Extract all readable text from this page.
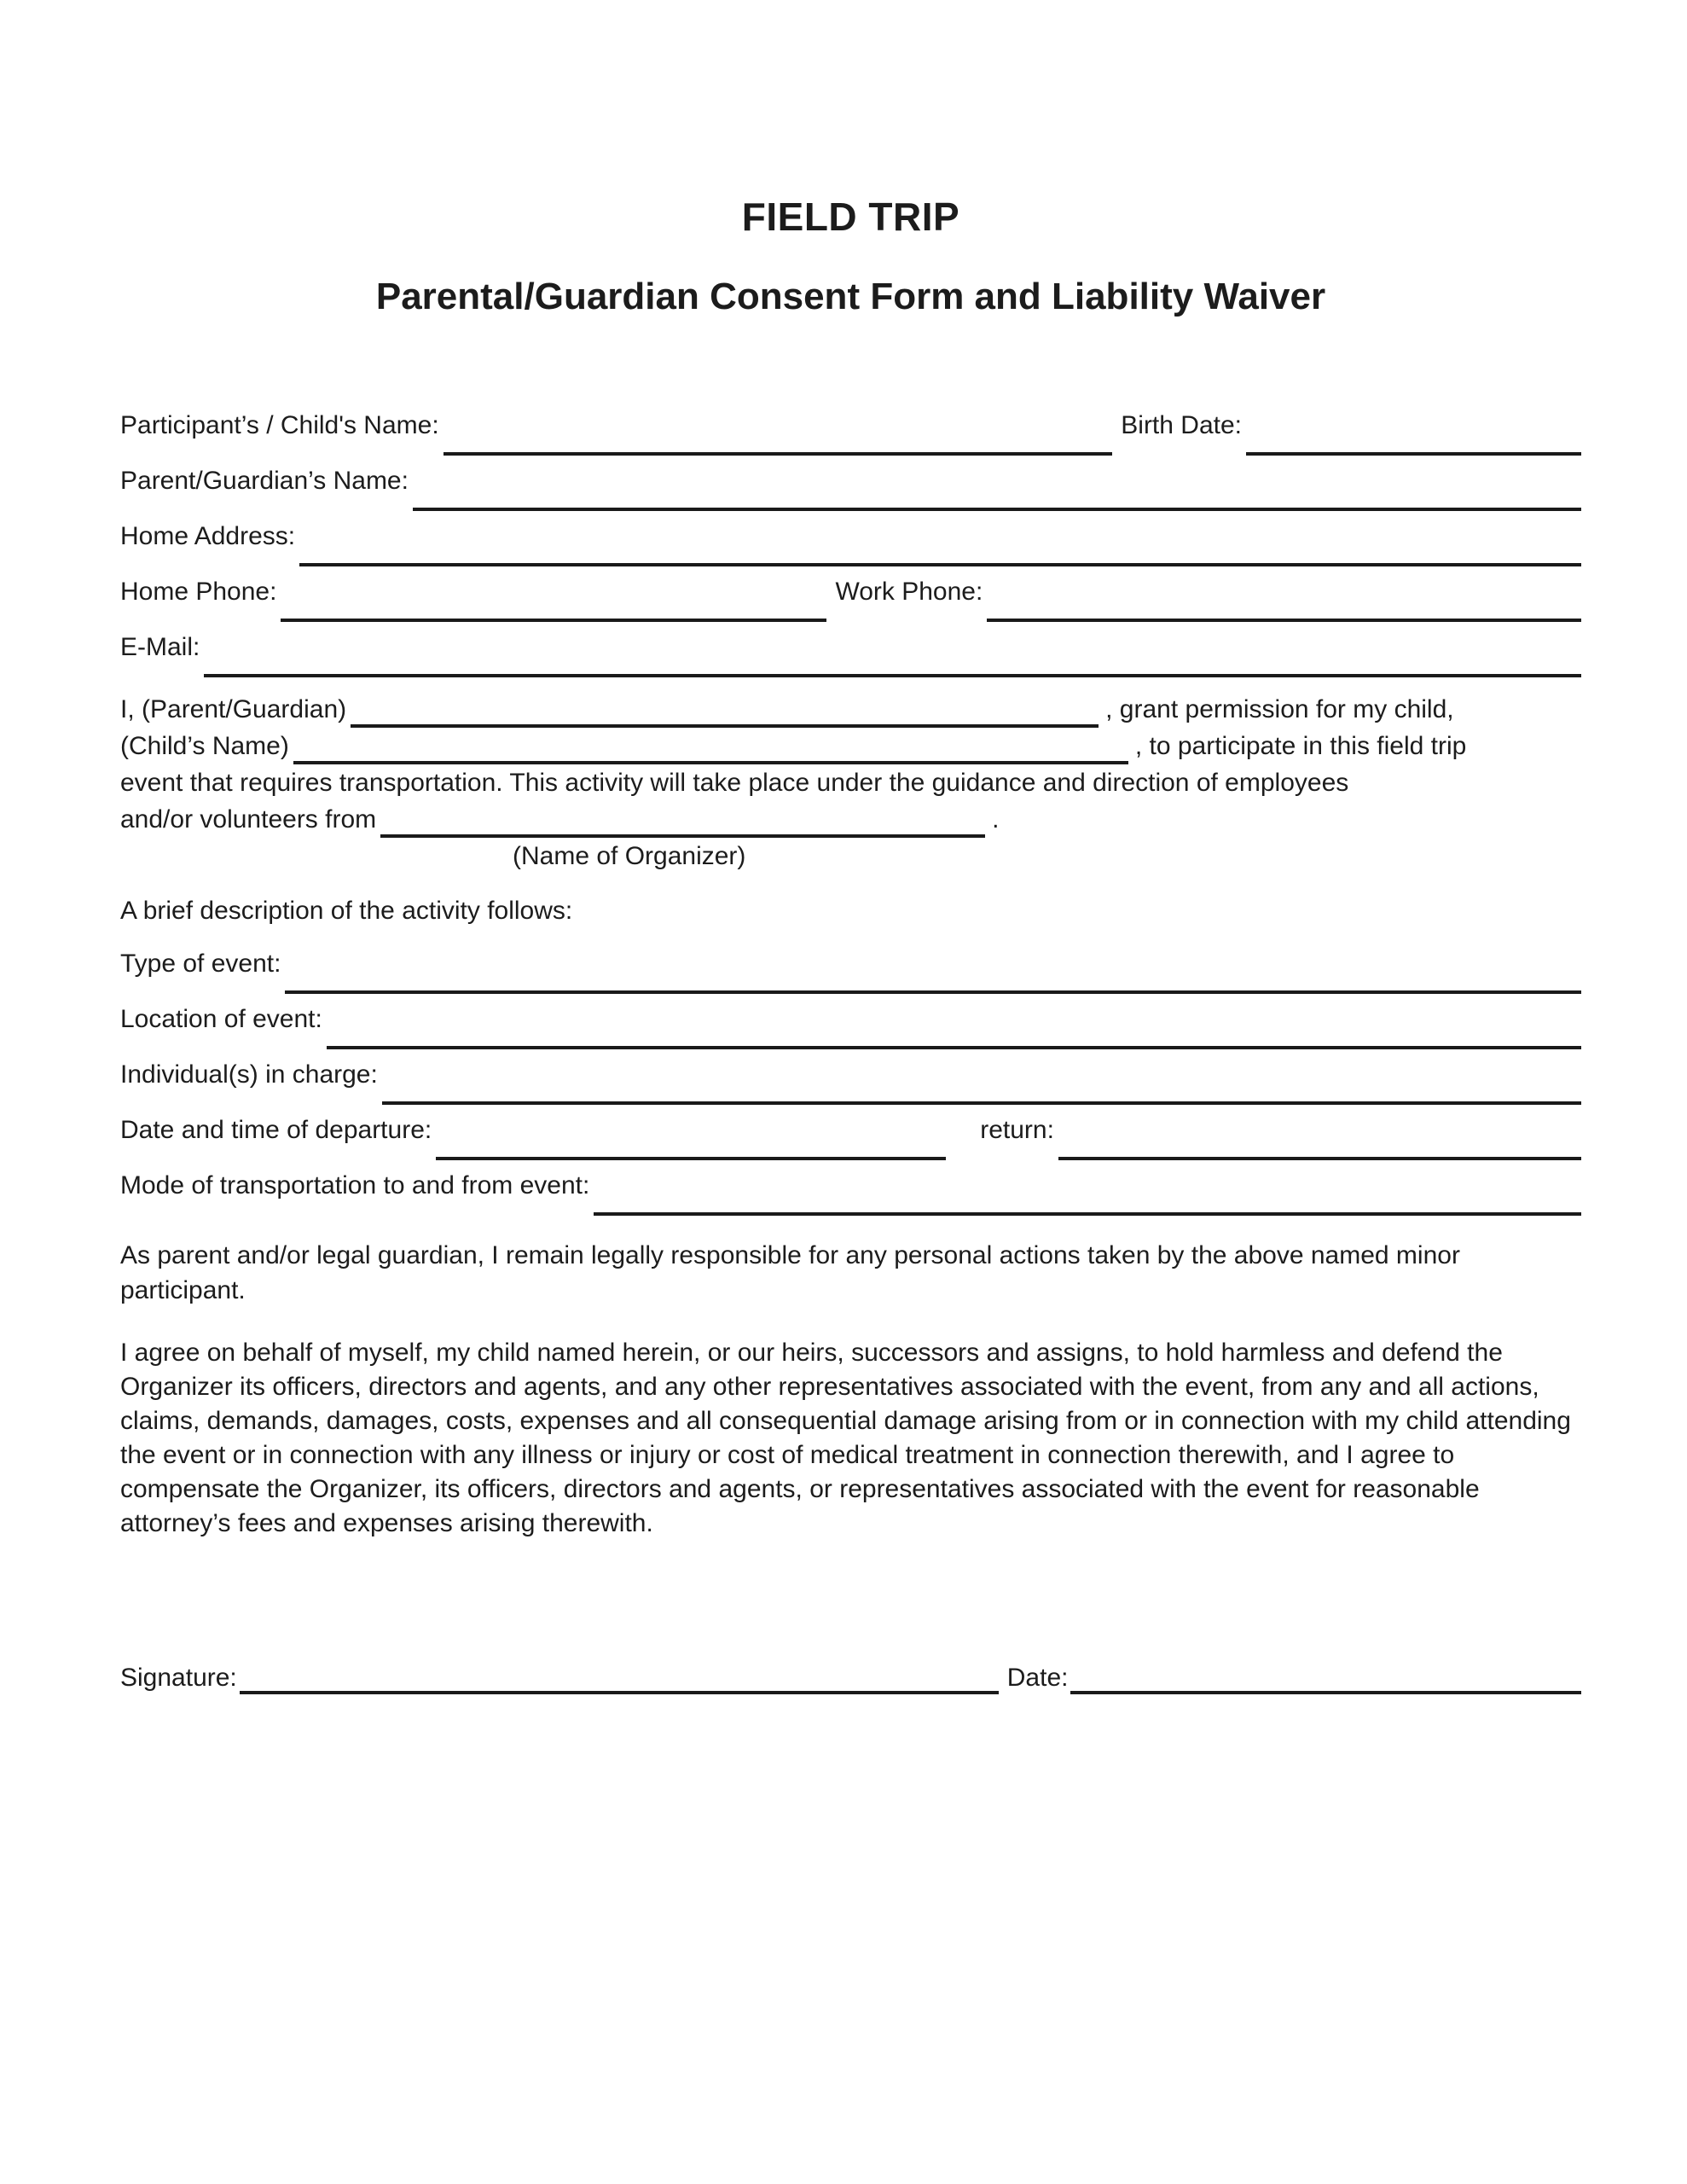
FIELD TRIP
Parental/Guardian Consent Form and Liability Waiver
Participant’s / Child's Name:	Birth Date:
Parent/Guardian’s Name:
Home Address:
Home Phone:	Work Phone:
E-Mail:
I, (Parent/Guardian)	, grant permission for my child,
(Child’s Name)	, to participate in this field trip
event that requires transportation. This activity will take place under the guidance and direction of employees
and/or volunteers from	.
(Name of Organizer)
A brief description of the activity follows:
Type of event:
Location of event:
Individual(s) in charge:
Date and time of departure:	return:
Mode of transportation to and from event:

As parent and/or legal guardian, I remain legally responsible for any personal actions taken by the above named minor participant.

I agree on behalf of myself, my child named herein, or our heirs, successors and assigns, to hold harmless and defend the Organizer its officers, directors and agents, and any other representatives associated with the event, from any and all actions, claims, demands, damages, costs, expenses and all consequential damage arising from or in connection with my child attending the event or in connection with any illness or injury or cost of medical treatment in connection therewith, and I agree to compensate the Organizer, its officers, directors and agents, or representatives associated with the event for reasonable attorney’s fees and expenses arising therewith.

Signature:	Date:
